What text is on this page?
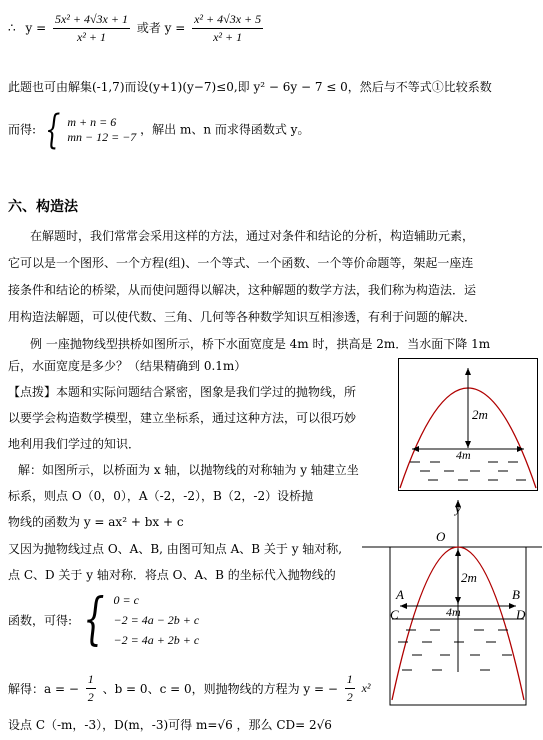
∴ $y = \frac{\text{5x² + 4√3x + 1}}{\text{x² + 1}}$ 或者 $y = \frac{\text{x² + 4√3x + 5}}{\text{x² + 1}}$
此题也可由解集(-1,7)而设(y+1)(y−7)≤0,即 y² − 6y − 7 ≤ 0，然后与不等式①比较系数
而得: { m + n = 6
mn − 12 = −7
，解出 m、n 而求得函数式 y。
六、构造法
在解题时，我们常常会采用这样的方法，通过对条件和结论的分析，构造辅助元素，
它可以是一个图形、一个方程(组)、一个等式、一个函数、一个等价命题等，架起一座连
接条件和结论的桥梁，从而使问题得以解决，这种解题的数学方法，我们称为构造法．运
用构造法解题，可以使代数、三角、几何等各种数学知识互相渗透，有利于问题的解决．
例 一座抛物线型拱桥如图所示，桥下水面宽度是 4m 时，拱高是 2m．当水面下降 1m
后，水面宽度是多少？（结果精确到 0.1m）
【点拨】本题和实际问题结合紧密，图象是我们学过的抛物线，所
以要学会构造数学模型，建立坐标系，通过这种方法，可以很巧妙
地利用我们学过的知识．
解：如图所示，以桥面为 x 轴，以抛物线的对称轴为 y 轴建立坐
标系，则点 O（0，0），A（-2，-2），B（2，-2）设桥抛
物线的函数为 y = ax² + bx + c
又因为抛物线过点 O、A、B, 由图可知点 A、B 关于 y 轴对称,
点 C、D 关于 y 轴对称．将点 O、A、B 的坐标代入抛物线的
函数，可得: { 0 = c
−2 = 4a − 2b + c
−2 = 4a + 2b + c
解得：a = − $\frac{1}{2}$ 、b = 0、c = 0，则抛物线的方程为 y = − $\frac{1}{2} x^2$
设点 C（-m，-3），D(m，-3)可得 m=√6 ，那么 CD= 2√6
2m
4m
y
O
2m
4m
A	B
C	D
